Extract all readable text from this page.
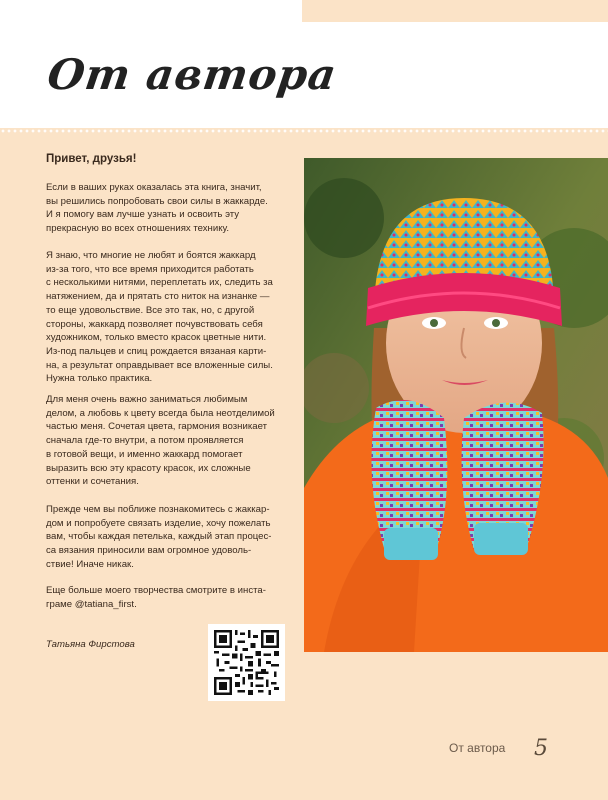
От автора
Привет, друзья!
Если в ваших руках оказалась эта книга, значит,
вы решились попробовать свои силы в жаккарде.
И я помогу вам лучше узнать и освоить эту
прекрасную во всех отношениях технику.
Я знаю, что многие не любят и боятся жаккард
из-за того, что все время приходится работать
с несколькими нитями, переплетать их, следить за
натяжением, да и прятать сто ниток на изнанке —
то еще удовольствие. Все это так, но, с другой
стороны, жаккард позволяет почувствовать себя
художником, только вместо красок цветные нити.
Из-под пальцев и спиц рождается вязаная карти-
на, а результат оправдывает все вложенные силы.
Нужна только практика.
Для меня очень важно заниматься любимым
делом, а любовь к цвету всегда была неотделимой
частью меня. Сочетая цвета, гармония возникает
сначала где-то внутри, а потом проявляется
в готовой вещи, и именно жаккард помогает
выразить всю эту красоту красок, их сложные
оттенки и сочетания.
Прежде чем вы поближе познакомитесь с жаккар-
дом и попробуете связать изделие, хочу пожелать
вам, чтобы каждая петелька, каждый этап процес-
са вязания приносили вам огромное удоволь-
ствие! Иначе никак.
Еще больше моего творчества смотрите в инста-
граме @tatiana_first.
Татьяна Фирстова
От автора 5
